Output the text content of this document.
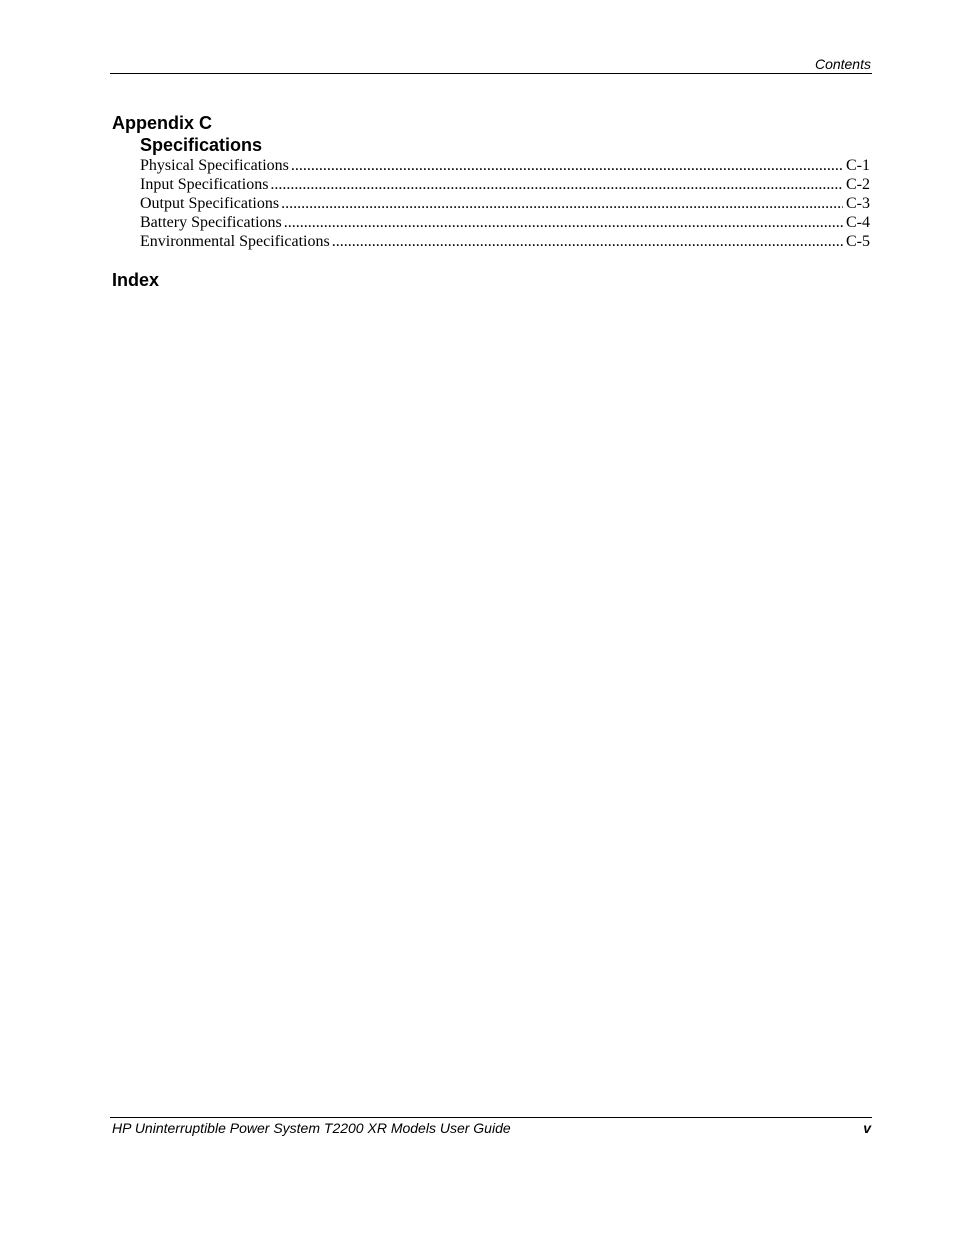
Contents
Appendix C
Specifications
Physical Specifications .....	C-1
Input Specifications .....	C-2
Output Specifications .....	C-3
Battery Specifications .....	C-4
Environmental Specifications .....	C-5
Index
HP Uninterruptible Power System T2200 XR Models User Guide	v
